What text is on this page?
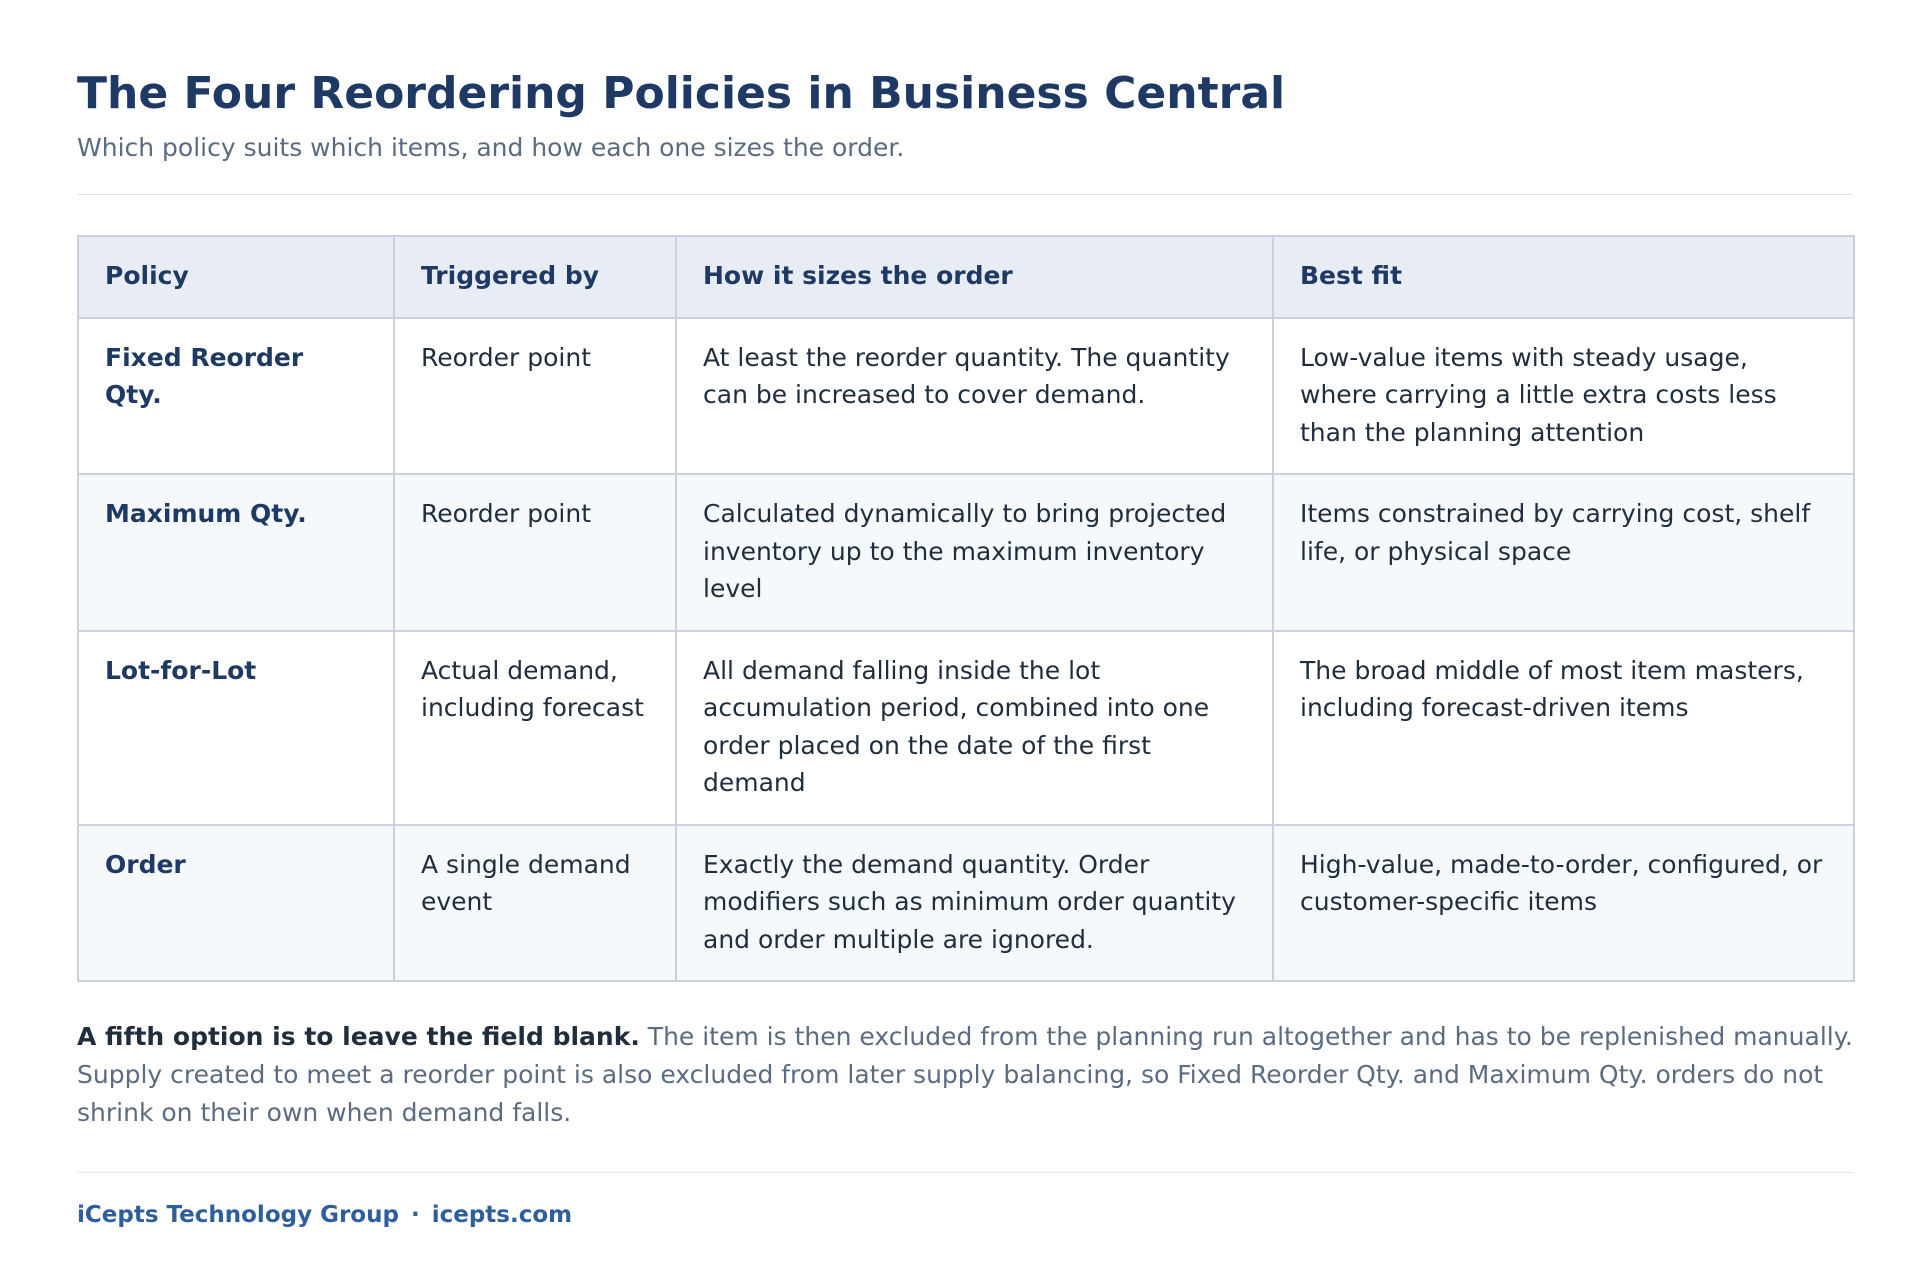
The Four Reordering Policies in Business Central

Which policy suits which items, and how each one sizes the order.

Policy	Triggered by	How it sizes the order	Best fit
Fixed Reorder Qty.	Reorder point	At least the reorder quantity. The quantity can be increased to cover demand.	Low-value items with steady usage, where carrying a little extra costs less than the planning attention
Maximum Qty.	Reorder point	Calculated dynamically to bring projected inventory up to the maximum inventory level	Items constrained by carrying cost, shelf life, or physical space
Lot-for-Lot	Actual demand, including forecast	All demand falling inside the lot accumulation period, combined into one order placed on the date of the first demand	The broad middle of most item masters, including forecast-driven items
Order	A single demand event	Exactly the demand quantity. Order modifiers such as minimum order quantity and order multiple are ignored.	High-value, made-to-order, configured, or customer-specific items

A fifth option is to leave the field blank. The item is then excluded from the planning run altogether and has to be replenished manually. Supply created to meet a reorder point is also excluded from later supply balancing, so Fixed Reorder Qty. and Maximum Qty. orders do not shrink on their own when demand falls.

iCepts Technology Group · icepts.com
